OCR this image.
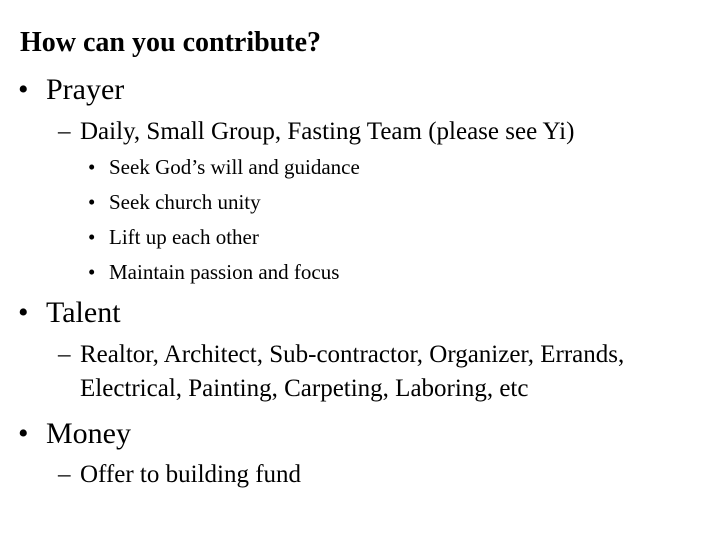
How can you contribute?
• Prayer
– Daily, Small Group, Fasting Team (please see Yi)
• Seek God’s will and guidance
• Seek church unity
• Lift up each other
• Maintain passion and focus
• Talent
– Realtor, Architect, Sub-contractor, Organizer, Errands,
Electrical, Painting, Carpeting, Laboring, etc
• Money
– Offer to building fund
